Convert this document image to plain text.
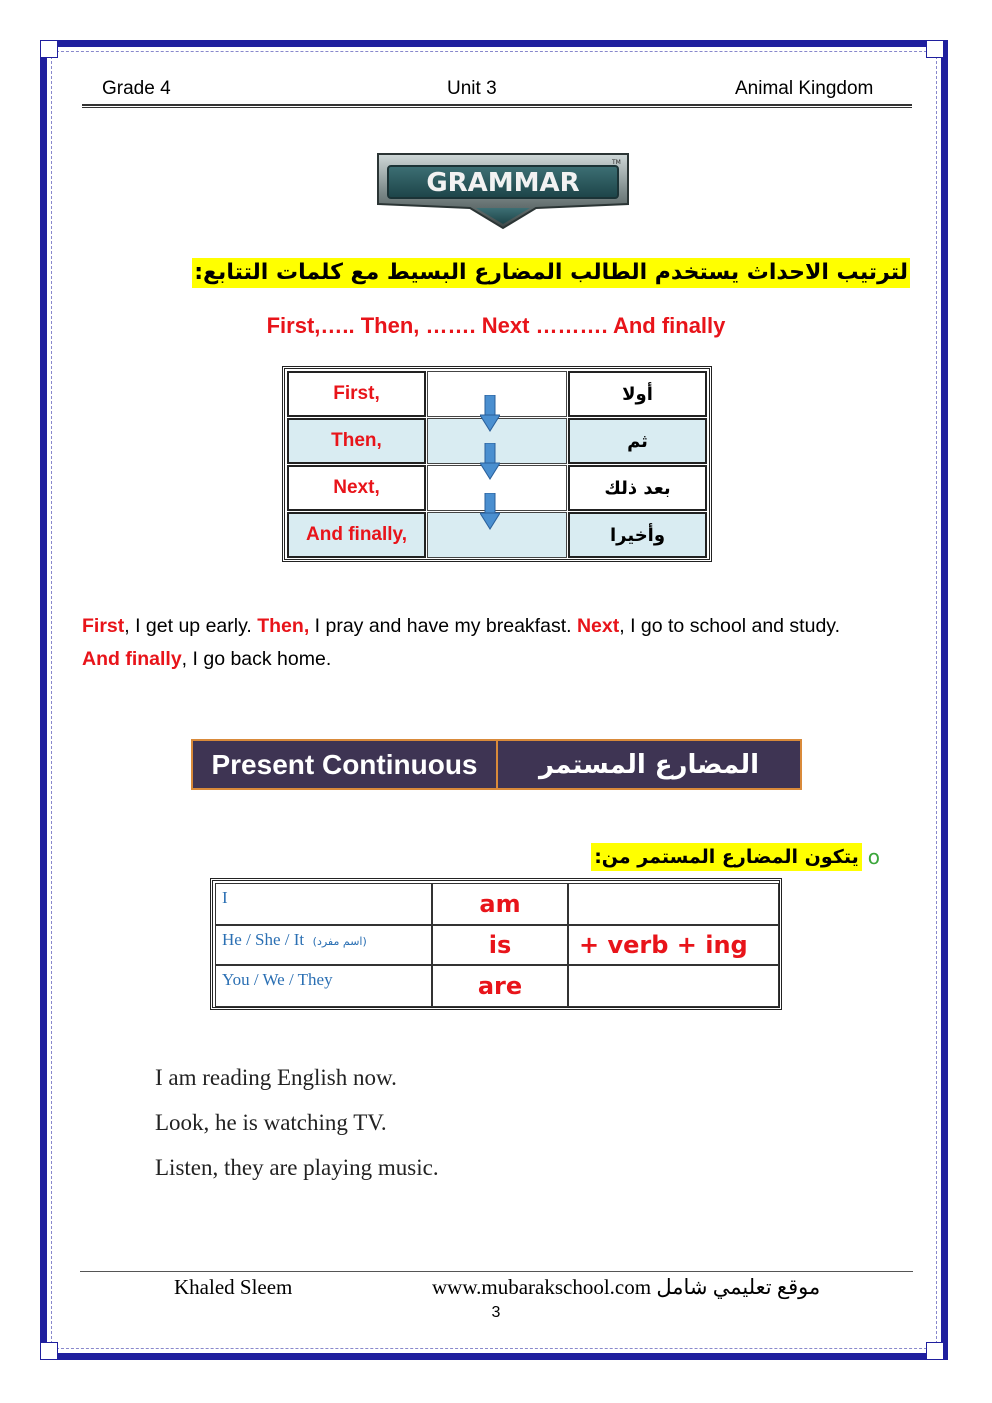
Grade 4	Unit 3	Animal Kingdom
GRAMMAR
TM
لترتيب الاحداث يستخدم الطالب المضارع البسيط مع كلمات التتابع:
First,….. Then, ……. Next ………. And finally
First,	أولا
Then,	ثم
Next,	بعد ذلك
And finally,	وأخيرا
First, I get up early. Then, I pray and have my breakfast. Next, I go to school and study.
And finally, I go back home.
Present Continuous	المضارع المستمر
o
يتكون المضارع المستمر من:
I	am
He / She / It (اسم مفرد)	is	+ verb + ing
You / We / They	are
I am reading English now.
Look, he is watching TV.
Listen, they are playing music.
Khaled Sleem	www.mubarakschool.com موقع تعليمي شامل
3
